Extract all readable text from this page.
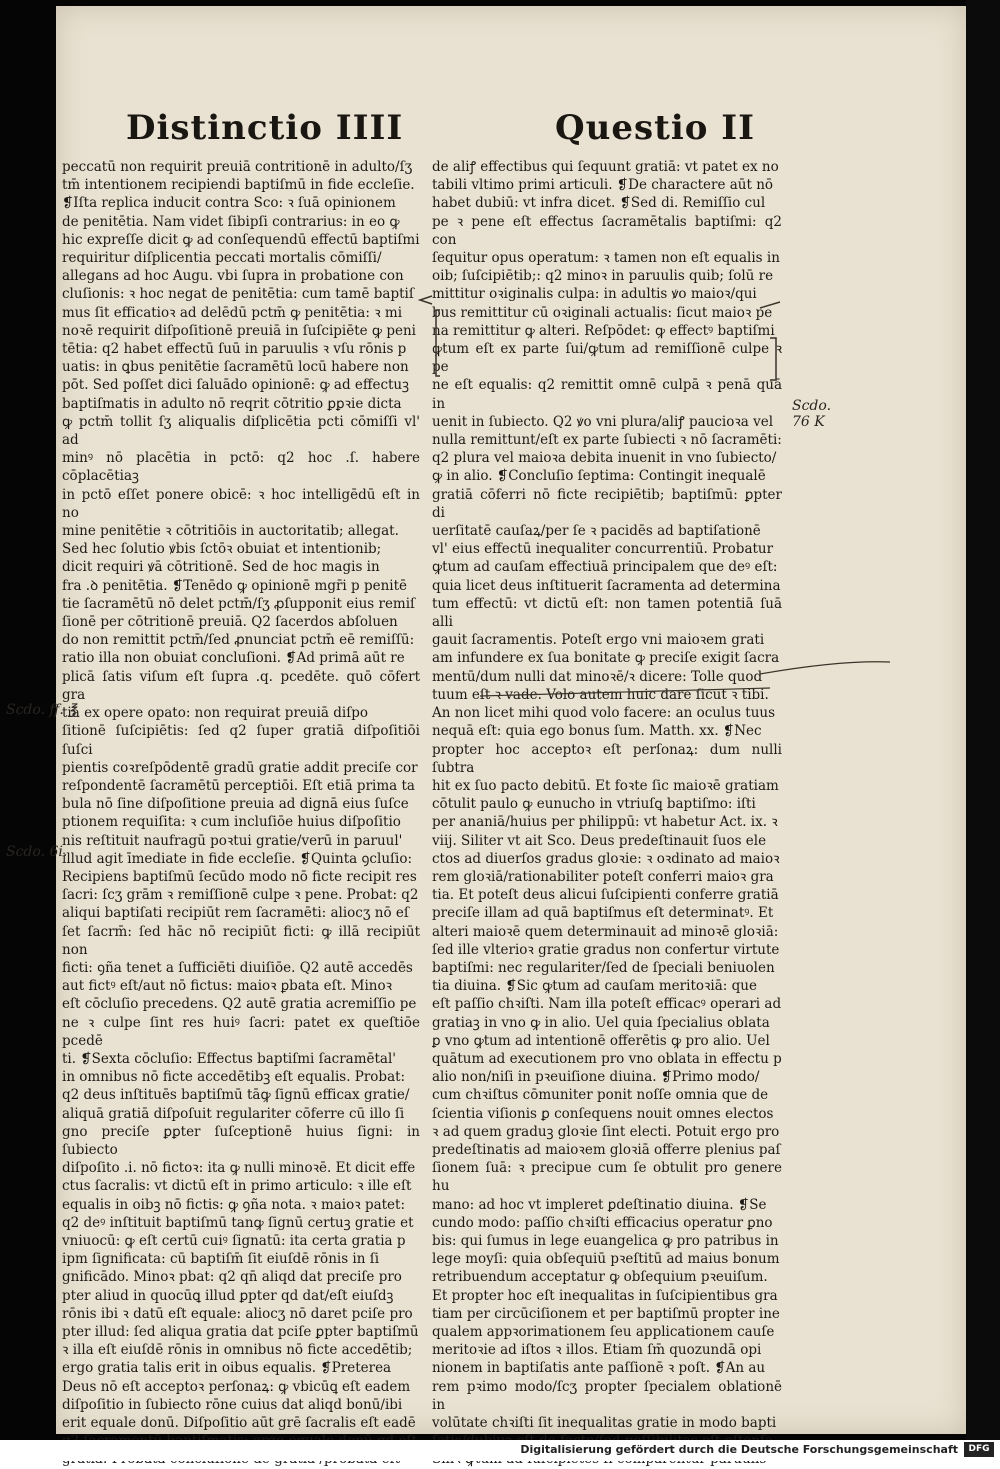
Distinctio IIII	Questio II

peccatū non requirit preuiā contritionē in adulto/ſʒ

tm̄ intentionem recipiendi baptiſmū in fide eccleſie.

❡Iſta replica inducit contra Sco: ꝛ ſuā opinionem

de penitētia. Nam videt ſibipſi contrarius: in eo ꝙ

hic expreſſe dicit ꝙ ad conſequendū effectū baptiſmi

requiritur diſplicentia peccati mortalis cōmiſſi/

allegans ad hoc Augu. vbi ſupra in probatione con

cluſionis: ꝛ hoc negat de penitētia: cum tamē baptiſ

mus ſit efficatioꝛ ad delēdū pctm̄ ꝙ penitētia: ꝛ mi

noꝛē requirit diſpoſitionē preuiā in ſuſcipiēte ꝙ peni

tētia: q2 habet effectū ſuū in paruulis ꝛ vſu rōnis p

uatis: in ꝗbus penitētie ſacramētū locū habere non

pōt. Sed poſſet dici ſaluādo opinionē: ꝙ ad effectuꝫ

baptiſmatis in adulto nō reqrit cōtritio ꝑꝑꝛie dicta

ꝙ pctm̄ tollit ſʒ aliqualis diſplicētia pcti cōmiſſi vl' ad

minꝰ nō placētia in pctō: q2 hoc .ſ. habere cōplacētiaꝫ

in pctō eſſet ponere obicē: ꝛ hoc intelligēdū eſt in no

mine penitētie ꝛ cōtritiōis in auctoritatib; allegat.

Sed hec ſolutio ꝟbis ſctōꝛ obuiat et intentionib;

dicit requiri ꝟā cōtritionē. Sed de hoc magis in

fra .ꝺ penitētia. ❡Tenēdo ꝙ opinionē mgr̄i p penitē

tie ſacramētū nō delet pctm̄/ſʒ ꝓſupponit eius remiſ

ſionē per cōtritionē preuiā. Q2 ſacerdos abſoluen

do non remittit pctm̄/ſed ꝓnunciat pctm̄ eē remiſſū:

ratio illa non obuiat concluſioni. ❡Ad primā aūt re

plicā ſatis viſum eſt ſupra .q. pcedēte. quō cōfert gra

tiā ex opere opato: non requirat preuiā diſpo

ſitionē ſuſcipiētis: ſed q2 ſuper gratiā diſpoſitiōi ſuſci

pientis coꝛreſpōdentē gradū gratie addit preciſe cor

reſpondentē ſacramētū perceptiōi. Eſt etiā prima ta

bula nō ſine diſpoſitione preuia ad dignā eius ſuſce

ptionem requiſita: ꝛ cum incluſiōe huius diſpoſitio

nis reſtituit naufragū poꝛtui gratie/verū in paruul'

illud agit īmediate in fide eccleſie. ❡Quinta ꝯcluſio:

Recipiens baptiſmū ſecūdo modo nō ficte recipit res

ſacri: ſcʒ grām ꝛ remiſſionē culpe ꝛ pene. Probat: q2

aliqui baptiſati recipiūt rem ſacramēti: aliocʒ nō eſ

ſet ſacrm̄: ſed hāc nō recipiūt ficti: ꝙ illā recipiūt non

ficti: ꝯña tenet a ſufficiēti diuiſiōe. Q2 autē accedēs

aut fictꝰ eſt/aut nō fictus: maioꝛ ꝑbata eſt. Minoꝛ

eſt cōcluſio precedens. Q2 autē gratia acremiſſio pe

ne ꝛ culpe ſint res huiꝰ ſacri: patet ex queſtiōe pcedē

ti. ❡Sexta cōcluſio: Effectus baptiſmi ſacramētal'

in omnibus nō ficte accedētibꝫ eſt equalis. Probat:

q2 deus inſtituēs baptiſmū tāꝙ ſignū efficax gratie/

aliquā gratiā diſpoſuit regulariter cōferre cū illo ſi

gno preciſe ꝑꝑter ſuſceptionē huius ſigni: in ſubiecto

diſpoſito .i. nō fictoꝛ: ita ꝙ nulli minoꝛē. Et dicit effe

ctus ſacralis: vt dictū eſt in primo articulo: ꝛ ille eſt

equalis in oibꝫ nō fictis: ꝙ ꝯña nota. ꝛ maioꝛ patet:

q2 deꝰ inſtituit baptiſmū tanꝙ ſignū certuꝫ gratie et

vniuocū: ꝙ eſt certū cuiꝰ ſignatū: ita certa gratia p

ipm ſignificata: cū baptiſm̄ ſit eiuſdē rōnis in ſi

gnificādo. Minoꝛ pbat: q2 qn̄ aliqd dat preciſe pro

pter aliud in quocūꝗ illud ꝑpter qd dat/eſt eiuſdꝫ

rōnis ibi ꝛ datū eſt equale: aliocʒ nō daret pciſe pro

pter illud: ſed aliqua gratia dat pciſe ꝑpter baptiſmū

ꝛ illa eſt eiuſdē rōnis in omnibus nō ficte accedētib;

ergo gratia talis erit in oibus equalis. ❡Preterea

Deus nō eſt acceptoꝛ perſonaꝝ: ꝙ vbicūꝗ eſt eadem

diſpoſitio in ſubiecto rōne cuius dat aliqd bonū/ibi

erit equale donū. Diſpoſitio aūt grē ſacralis eſt eadē

de aliꝭ effectibus qui ſequunt gratiā: vt patet ex no

tabili vltimo primi articuli. ❡De charactere aūt nō

habet dubiū: vt infra dicet. ❡Sed di. Remiſſio cul

pe ꝛ pene eſt effectus ſacramētalis baptiſmi: q2 con

ſequitur opus operatum: ꝛ tamen non eſt equalis in

oib; ſuſcipiētib;: q2 minoꝛ in paruulis quib; ſolū re

mittitur oꝛiginalis culpa: in adultis ꝟo maioꝛ/qui

bus remittitur cū oꝛiginali actualis: ſicut maioꝛ pe

na remittitur ꝙ alteri. Reſpōdet: ꝙ effectꝰ baptiſmi

ꝙtum eſt ex parte ſui/ꝙtum ad remiſſionē culpe ꝛ pe

ne eſt equalis: q2 remittit omnē culpā ꝛ penā quā in

uenit in ſubiecto. Q2 ꝟo vni plura/aliꝭ paucioꝛa vel

nulla remittunt/eſt ex parte ſubiecti ꝛ nō ſacramēti:

q2 plura vel maioꝛa debita inuenit in vno ſubiecto/

ꝙ in alio. ❡Concluſio ſeptima: Contingit inequalē

gratiā cōferri nō ficte recipiētib; baptiſmū: ꝑpter di

uerſitatē cauſaꝝ/per ſe ꝛ pacidēs ad baptiſationē

vl' eius effectū inequaliter concurrentiū. Probatur

ꝙtum ad cauſam effectiuā principalem que deꝰ eſt:

quia licet deus inſtituerit ſacramenta ad determina

tum effectū: vt dictū eſt: non tamen potentiā ſuā alli

gauit ſacramentis. Poteſt ergo vni maioꝛem grati

am infundere ex ſua bonitate ꝙ preciſe exigit ſacra

mentū/dum nulli dat minoꝛē/ꝛ dicere: Tolle quod

tuum eſt ꝛ vade. Volo autem huic dare ſicut ꝛ tibi.

An non licet mihi quod volo facere: an oculus tuus

nequā eſt: quia ego bonus ſum. Matth. xx. ❡Nec

propter hoc acceptoꝛ eſt perſonaꝝ: dum nulli ſubtra

hit ex ſuo pacto debitū. Et foꝛte ſic maioꝛē gratiam

cōtulit paulo ꝙ eunucho in vtriuſꝗ baptiſmo: iſti

per ananiā/huius per philippū: vt habetur Act. ix. ꝛ

viij. Siliter vt ait Sco. Deus predeſtinauit ſuos ele

ctos ad diuerſos gradus gloꝛie: ꝛ oꝛdinato ad maioꝛ

rem gloꝛiā/rationabiliter poteſt conferri maioꝛ gra

tia. Et poteſt deus alicui ſuſcipienti conferre gratiā

preciſe illam ad quā baptiſmus eſt determinatꝰ. Et

alteri maioꝛē quem determinauit ad minoꝛē gloꝛiā:

ſed ille vlterioꝛ gratie gradus non confertur virtute

baptiſmi: nec regulariter/ſed de ſpeciali beniuolen

tia diuina. ❡Sic ꝙtum ad cauſam meritoꝛiā: que

eſt paſſio chꝛiſti. Nam illa poteſt efficacꝰ operari ad

gratiaꝫ in vno ꝙ in alio. Uel quia ſpecialius oblata

ꝑ vno ꝙtum ad intentionē offerētis ꝙ pro alio. Uel

quātum ad executionem pro vno oblata in effectu p

alio non/niſi in pꝛeuiſione diuina. ❡Primo modo/

cum chꝛiſtus cōmuniter ponit noſſe omnia que de

ſcientia viſionis ꝑ conſequens nouit omnes electos

ꝛ ad quem graduꝫ gloꝛie ſint electi. Potuit ergo pro

predeſtinatis ad maioꝛem gloꝛiā offerre plenius paſ

ſionem ſuā: ꝛ precipue cum ſe obtulit pro genere hu

mano: ad hoc vt impleret ꝑdeſtinatio diuina. ❡Se

cundo modo: paſſio chꝛiſti efficacius operatur ꝑno

bis: qui ſumus in lege euangelica ꝙ pro patribus in

lege moyſi: quia obſequiū pꝛeſtitū ad maius bonum

retribuendum acceptatur ꝙ obſequium pꝛeuiſum.

Et propter hoc eſt inequalitas in ſuſcipientibus gra

tiam per circūciſionem et per baptiſmū propter ine

qualem appꝛorimationem ſeu applicationem cauſe

meritoꝛie ad iſtos ꝛ illos. Etiam ſm̄ quozundā opi

nionem in baptiſatis ante paſſionē ꝛ poſt. ❡An au

rem pꝛimo modo/ſcʒ propter ſpecialem oblationē in

volūtate chꝛiſti ſit inequalitas gratie in modo bapti

Scdo. ff. ℥
Scdo. 6i.
Scdo. 76 K
Digitalisierung gefördert durch die Deutsche Forschungsgemeinschaft	DFG
